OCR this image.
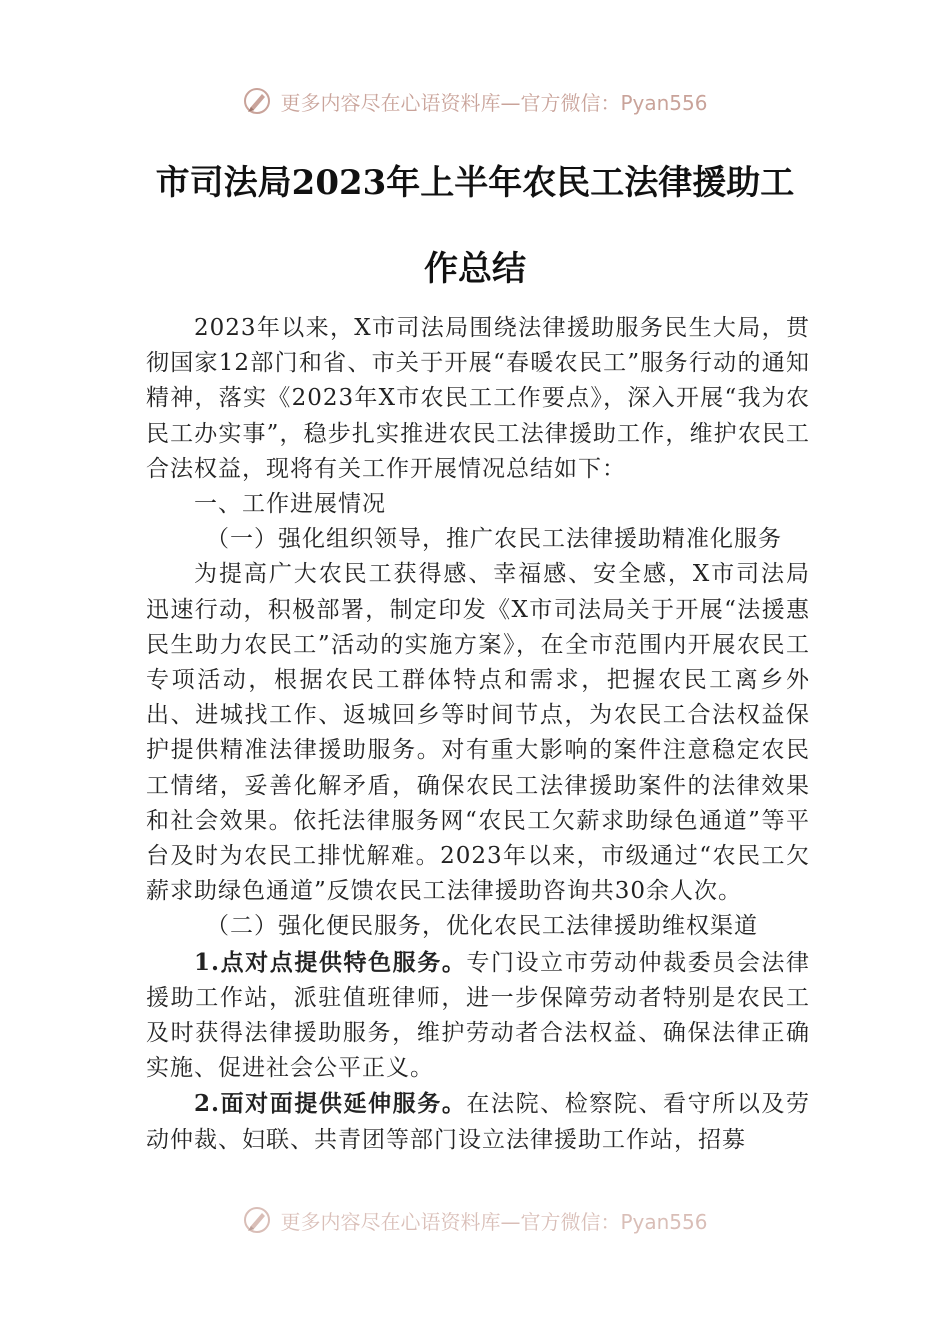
更多内容尽在心语资料库—官方微信：Pyan556
市司法局2023年上半年农民工法律援助工
作总结

2023年以来，X市司法局围绕法律援助服务民生大局，贯彻国家12部门和省、市关于开展“春暖农民工”服务行动的通知精神，落实《2023年X市农民工工作要点》，深入开展“我为农民工办实事”，稳步扎实推进农民工法律援助工作，维护农民工合法权益，现将有关工作开展情况总结如下：

一、工作进展情况

（一）强化组织领导，推广农民工法律援助精准化服务

为提高广大农民工获得感、幸福感、安全感，X市司法局迅速行动，积极部署，制定印发《X市司法局关于开展“法援惠民生助力农民工”活动的实施方案》，在全市范围内开展农民工专项活动，根据农民工群体特点和需求，把握农民工离乡外出、进城找工作、返城回乡等时间节点，为农民工合法权益保护提供精准法律援助服务。对有重大影响的案件注意稳定农民工情绪，妥善化解矛盾，确保农民工法律援助案件的法律效果和社会效果。依托法律服务网“农民工欠薪求助绿色通道”等平台及时为农民工排忧解难。2023年以来，市级通过“农民工欠薪求助绿色通道”反馈农民工法律援助咨询共30余人次。

（二）强化便民服务，优化农民工法律援助维权渠道

1.点对点提供特色服务。专门设立市劳动仲裁委员会法律援助工作站，派驻值班律师，进一步保障劳动者特别是农民工及时获得法律援助服务，维护劳动者合法权益、确保法律正确实施、促进社会公平正义。

2.面对面提供延伸服务。在法院、检察院、看守所以及劳动仲裁、妇联、共青团等部门设立法律援助工作站，招募

更多内容尽在心语资料库—官方微信：Pyan556
